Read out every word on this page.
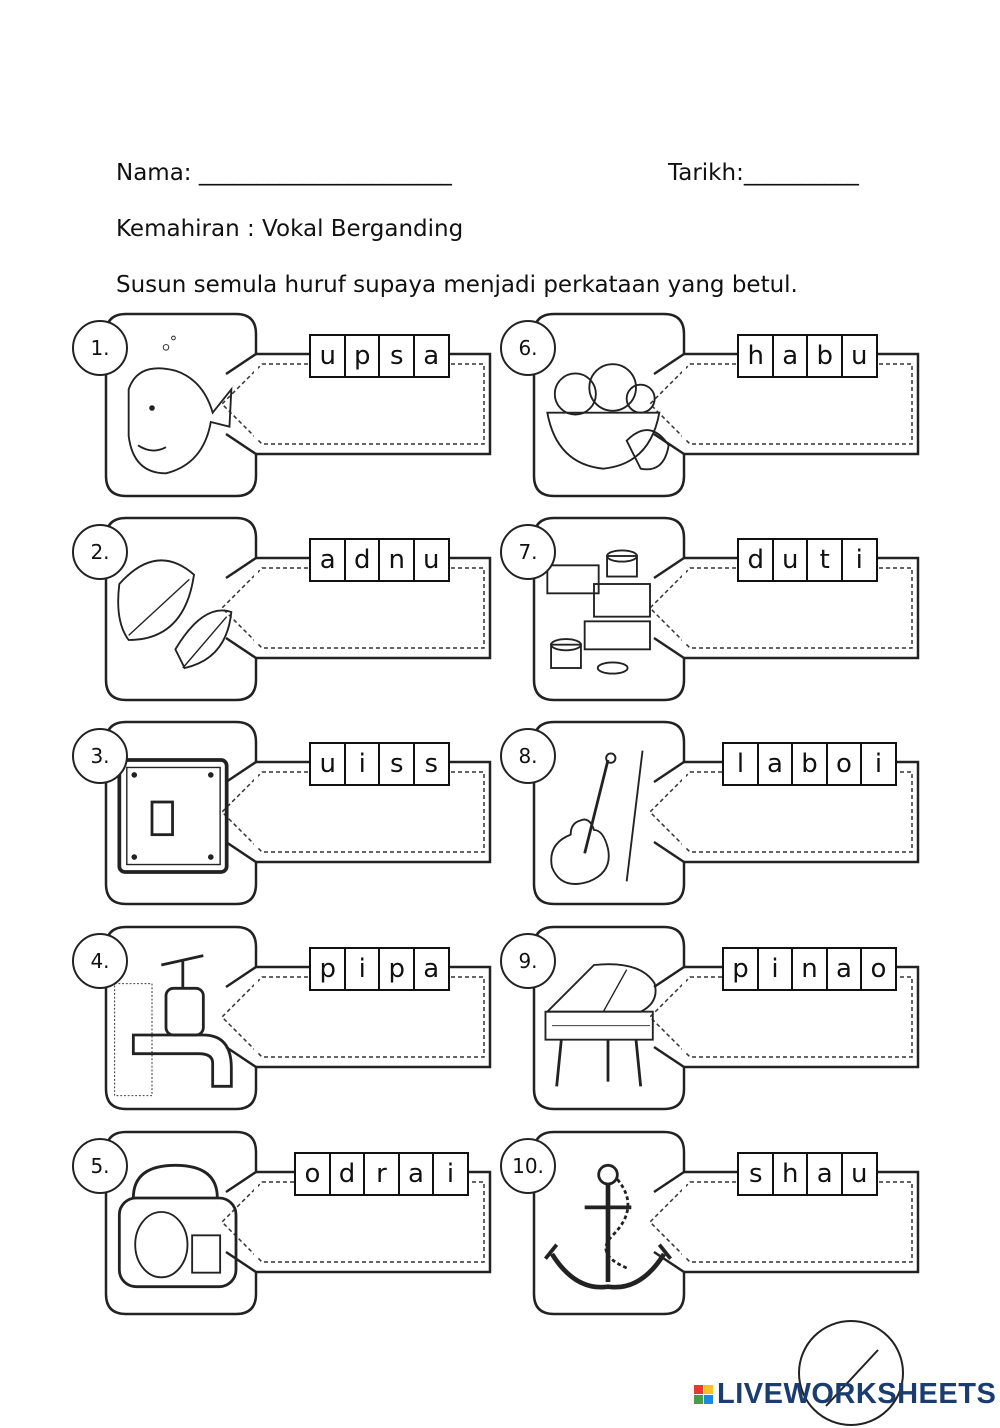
Nama: ______________________	Tarikh:__________
Kemahiran : Vokal Berganding
Susun semula huruf supaya menjadi perkataan yang betul.
1.	u p s a
2.	a d n u
3.	u i s s
4.	p i p a
5.	o d r a i
6.	h a b u
7.	d u t i
8.	l a b o i
9.	p i n a o
10.	s h a u
LIVEWORKSHEETS
